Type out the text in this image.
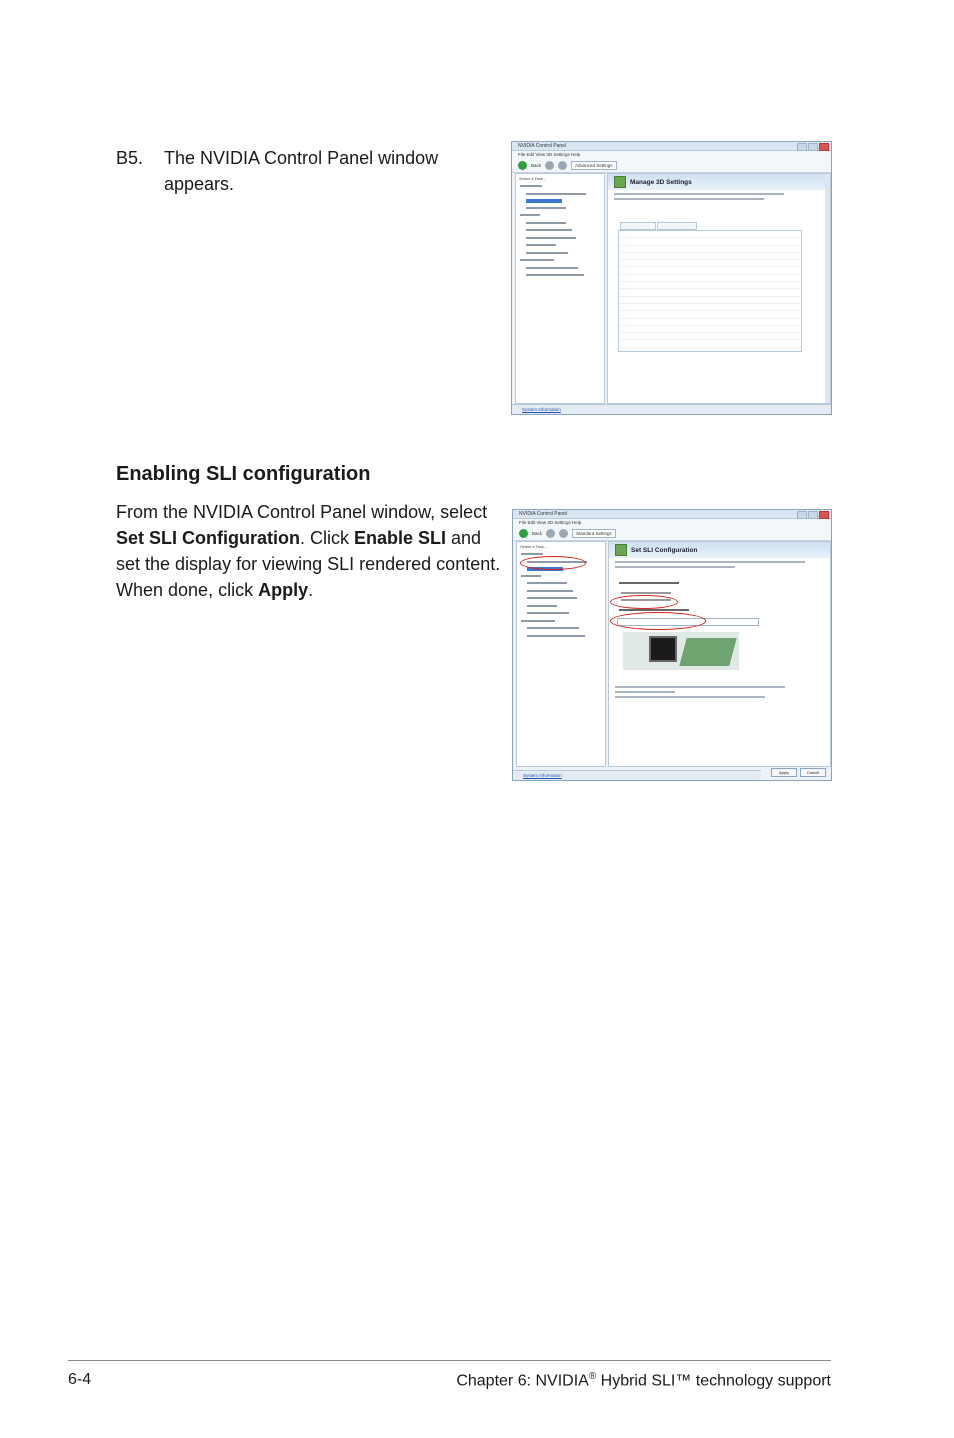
B5. The NVIDIA Control Panel window appears.
NVIDIA Control Panel
File Edit View 3D Settings Help
Back	Advanced Settings
Select a Task...	Manage 3D Settings
System Information
Enabling SLI configuration
From the NVIDIA Control Panel window, select Set SLI Configuration. Click Enable SLI and set the display for viewing SLI rendered content. When done, click Apply.
NVIDIA Control Panel
File Edit View 3D Settings Help
Back	Standard Settings
Select a Task...	Set SLI Configuration
Apply	Cancel
System Information
6-4	Chapter 6: NVIDIA® Hybrid SLI™ technology support
